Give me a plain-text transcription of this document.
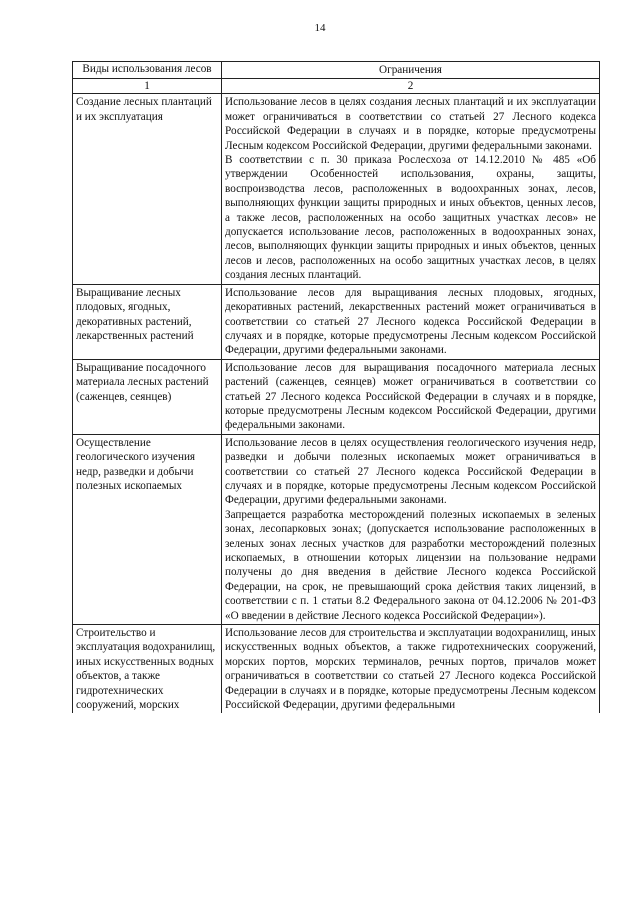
14
Виды использования лесов	Ограничения
1	2
Создание лесных плантаций и их эксплуатация	Использование лесов в целях создания лесных плантаций и их эксплуатации может ограничиваться в соответствии со статьей 27 Лесного кодекса Российской Федерации в случаях и в порядке, которые предусмотрены Лесным кодексом Российской Федерации, другими федеральными законами.

В соответствии с п. 30 приказа Рослесхоза от 14.12.2010 № 485 «Об утверждении Особенностей использования, охраны, защиты, воспроизводства лесов, расположенных в водоохранных зонах, лесов, выполняющих функции защиты природных и иных объектов, ценных лесов, а также лесов, расположенных на особо защитных участках лесов» не допускается использование лесов, расположенных в водоохранных зонах, лесов, выполняющих функции защиты природных и иных объектов, ценных лесов и лесов, расположенных на особо защитных участках лесов, в целях создания лесных плантаций.

Выращивание лесных плодовых, ягодных, декоративных растений, лекарственных растений	Использование лесов для выращивания лесных плодовых, ягодных, декоративных растений, лекарственных растений может ограничиваться в соответствии со статьей 27 Лесного кодекса Российской Федерации в случаях и в порядке, которые предусмотрены Лесным кодексом Российской Федерации, другими федеральными законами.

Выращивание посадочного материала лесных растений (саженцев, сеянцев)	Использование лесов для выращивания посадочного материала лесных растений (саженцев, сеянцев) может ограничиваться в соответствии со статьей 27 Лесного кодекса Российской Федерации в случаях и в порядке, которые предусмотрены Лесным кодексом Российской Федерации, другими федеральными законами.

Осуществление геологического изучения недр, разведки и добычи полезных ископаемых	Использование лесов в целях осуществления геологического изучения недр, разведки и добычи полезных ископаемых может ограничиваться в соответствии со статьей 27 Лесного кодекса Российской Федерации в случаях и в порядке, которые предусмотрены Лесным кодексом Российской Федерации, другими федеральными законами.

Запрещается разработка месторождений полезных ископаемых в зеленых зонах, лесопарковых зонах; (допускается использование расположенных в зеленых зонах лесных участков для разработки месторождений полезных ископаемых, в отношении которых лицензии на пользование недрами получены до дня введения в действие Лесного кодекса Российской Федерации, на срок, не превышающий срока действия таких лицензий, в соответствии с п. 1 статьи 8.2 Федерального закона от 04.12.2006 № 201-ФЗ «О введении в действие Лесного кодекса Российской Федерации»).

Строительство и эксплуатация водохранилищ, иных искусственных водных объектов, а также гидротехнических сооружений, морских	Использование лесов для строительства и эксплуатации водохранилищ, иных искусственных водных объектов, а также гидротехнических сооружений, морских портов, морских терминалов, речных портов, причалов может ограничиваться в соответствии со статьей 27 Лесного кодекса Российской Федерации в случаях и в порядке, которые предусмотрены Лесным кодексом Российской Федерации, другими федеральными
